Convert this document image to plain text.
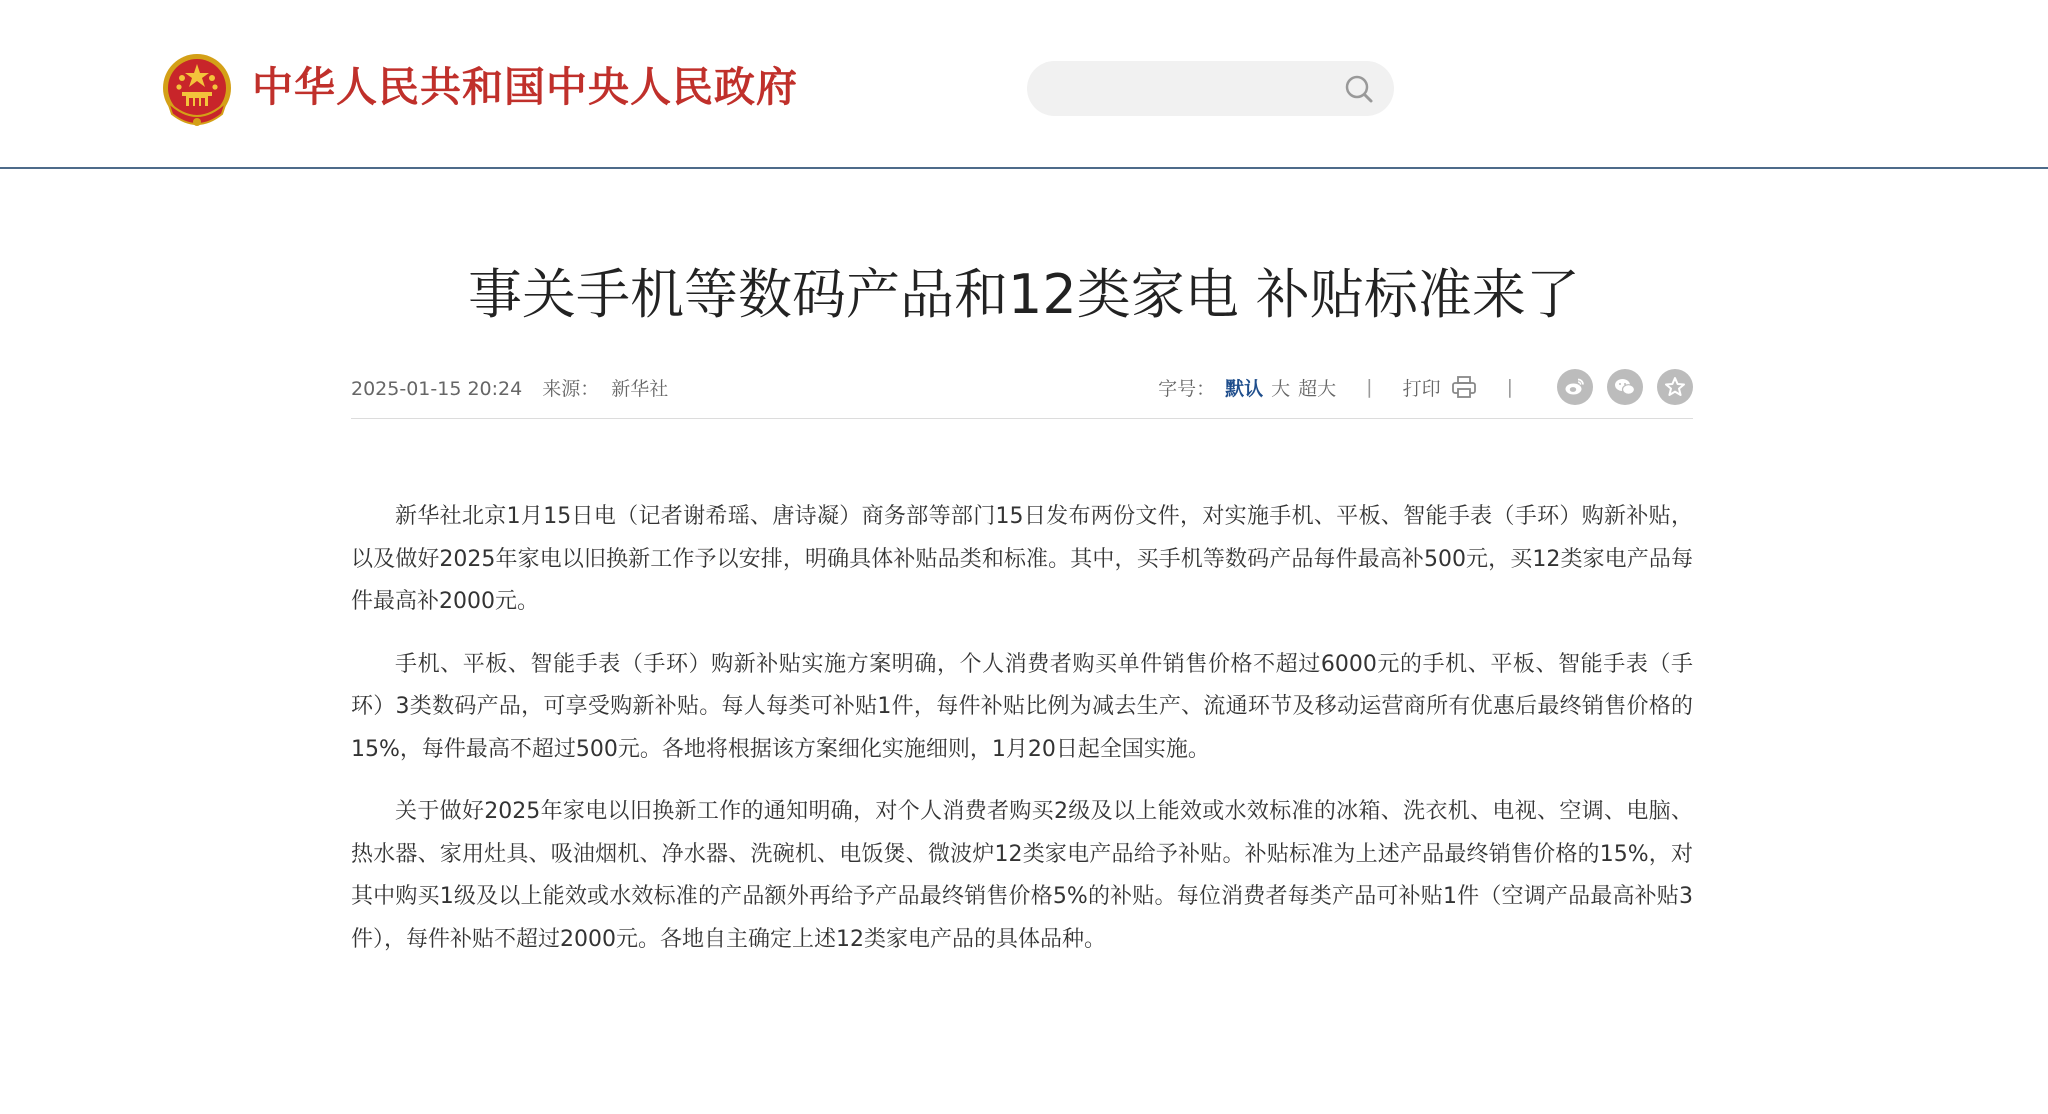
中华人民共和国中央人民政府
事关手机等数码产品和12类家电 补贴标准来了
2025-01-15 20:24 来源： 新华社	字号： 默认 大 超大 | 打印	|

新华社北京1月15日电（记者谢希瑶、唐诗凝）商务部等部门15日发布两份文件，对实施手机、平板、智能手表（手环）购新补贴，以及做好2025年家电以旧换新工作予以安排，明确具体补贴品类和标准。其中，买手机等数码产品每件最高补500元，买12类家电产品每件最高补2000元。

手机、平板、智能手表（手环）购新补贴实施方案明确，个人消费者购买单件销售价格不超过6000元的手机、平板、智能手表（手环）3类数码产品，可享受购新补贴。每人每类可补贴1件，每件补贴比例为减去生产、流通环节及移动运营商所有优惠后最终销售价格的15%，每件最高不超过500元。各地将根据该方案细化实施细则，1月20日起全国实施。

关于做好2025年家电以旧换新工作的通知明确，对个人消费者购买2级及以上能效或水效标准的冰箱、洗衣机、电视、空调、电脑、热水器、家用灶具、吸油烟机、净水器、洗碗机、电饭煲、微波炉12类家电产品给予补贴。补贴标准为上述产品最终销售价格的15%，对其中购买1级及以上能效或水效标准的产品额外再给予产品最终销售价格5%的补贴。每位消费者每类产品可补贴1件（空调产品最高补贴3件），每件补贴不超过2000元。各地自主确定上述12类家电产品的具体品种。
